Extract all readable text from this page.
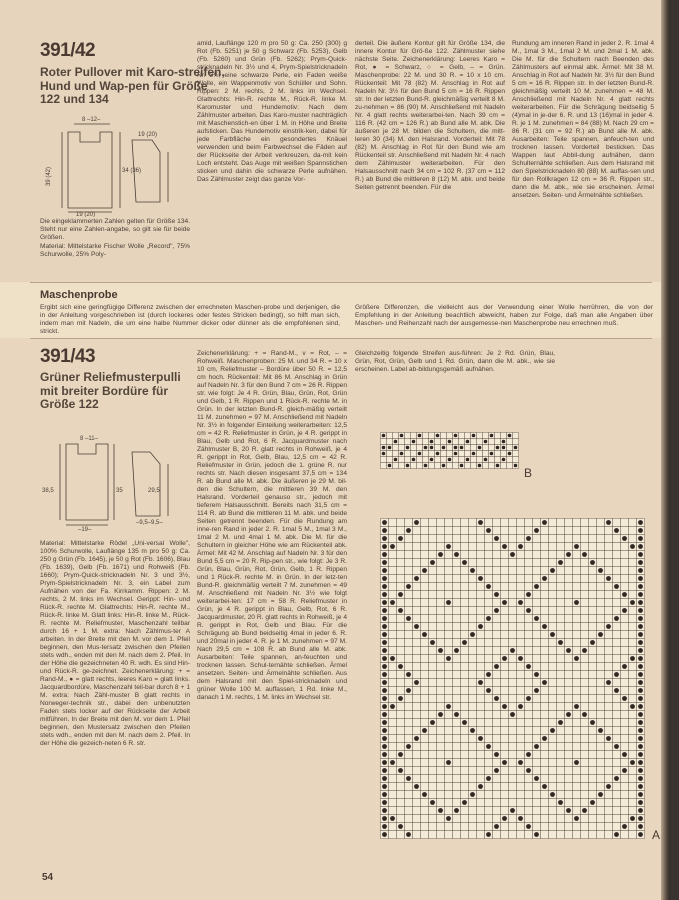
391/42
Roter Pullover mit Karo-streifen, Hund und Wap-pen für Größe 122 und 134
8 –12–
39 (42)	34 (36)
19 (20)
19 (20)
Die eingeklammerten Zahlen gelten für Größe 134. Steht nur eine Zahlen-angabe, so gilt sie für beide Größen.
Material: Mittelstarke Fischer Wolle „Record", 75% Schurwolle, 25% Poly-
amid, Lauflänge 120 m pro 50 g: Ca. 250 (300) g Rot (Fb. 5251) je 50 g Schwarz (Fb. 5253), Gelb (Fb. 5260) und Grün (Fb. 5262); Prym-Quick-stricknadeln Nr. 3½ und 4, Prym-Spielstricknadeln Nr. 3½, eine schwarze Perle, ein Faden weiße Wolle, ein Wappenmotiv von Schüller und Sohn. Rippen: 2 M. rechts, 2 M. links im Wechsel. Glattrechts: Hin-R. rechte M., Rück-R. linke M. Karomuster und Hundemotiv: Nach dem Zählmuster arbeiten. Das Karo-muster nachträglich mit Maschenstich-en über 1 M. in Höhe und Breite aufsticken. Das Hundemotiv einstrik-ken, dabei für jede Farbfläche ein gesondertes Knäuel verwenden und beim Farbwechsel die Fäden auf der Rückseite der Arbeit verkreuzen, da-mit kein Loch entsteht. Das Auge mit weißen Spannstichen sticken und dahin die schwarze Perle aufnähen. Das Zählmuster zeigt das ganze Vor-
derteil. Die äußere Kontur gilt für Größe 134, die innere Kontur für Grö-ße 122. Zählmuster siehe nächste Seite. Zeichenerklärung: Leeres Karo = Rot, ● = Schwarz, ○ = Gelb, – = Grün. Maschenprobe: 22 M. und 30 R. = 10 x 10 cm. Rückenteil: Mit 78 (82) M. Anschlag in Rot auf Nadeln Nr. 3½ für den Bund 5 cm = 16 R. Rippen str. In der letzten Bund-R. gleichmäßig verteilt 8 M. zu-nehmen = 86 (90) M. Anschließend mit Nadeln Nr. 4 glatt rechts weiterarbei-ten. Nach 39 cm = 116 R. (42 cm = 126 R.) ab Bund alle M. abk. Die äußeren je 28 M. bilden die Schultern, die mitt-leren 30 (34) M. den Halsrand. Vorderteil: Mit 78 (82) M. Anschlag in Rot für den Bund wie am Rückenteil str. Anschließend mit Nadeln Nr. 4 nach dem Zählmuster weiterarbeiten. Für den Halsausschnitt nach 34 cm = 102 R. (37 cm = 112 R.) ab Bund die mittleren 8 (12) M. abk. und beide Seiten getrennt beenden. Für die
Rundung am inneren Rand in jeder 2. R. 1mal 4 M., 1mal 3 M., 1mal 2 M. und 2mal 1 M. abk. Die M. für die Schultern nach Beenden des Zählmusters auf einmal abk. Ärmel: Mit 38 M. Anschlag in Rot auf Nadeln Nr. 3½ für den Bund 5 cm = 16 R. Rippen str. In der letzten Bund-R. gleichmäßig verteilt 10 M. zunehmen = 48 M. Anschließend mit Nadeln Nr. 4 glatt rechts weiterarbeiten. Für die Schrägung beidseitig 5 (4)mal in je-der 6. R. und 13 (16)mal in jeder 4. R. je 1 M. zunehmen = 84 (88) M. Nach 29 cm = 86 R. (31 cm = 92 R.) ab Bund alle M. abk. Ausarbeiten: Teile spannen, anfeuch-ten und trocknen lassen. Vorderteil besticken. Das Wappen laut Abbil-dung aufnähen, dann Schulternähte schließen. Aus dem Halsrand mit den Spielstricknadeln 80 (88) M. auffas-sen und für den Rollkragen 12 cm = 36 R. Rippen str., dann die M. abk., wie sie erscheinen. Ärmel ansetzen. Seiten- und Ärmelnähte schließen.
Maschenprobe
Ergibt sich eine geringfügige Differenz zwischen der errechneten Maschen-probe und derjenigen, die in der Anleitung vorgeschrieben ist (durch lockeres oder festes Stricken bedingt), so hilft man sich, indem man mit Nadeln, die um eine halbe Nummer dicker oder dünner als die empfohlenen sind, strickt.
Größere Differenzen, die vielleicht aus der Verwendung einer Wolle herrühren, die von der Empfehlung in der Anleitung beachtlich abweicht, haben zur Folge, daß man alle Angaben über Maschen- und Reihenzahl nach der ausgemesse-nen Maschenprobe neu errechnen muß.
391/43
Grüner Reliefmusterpulli mit breiter Bordüre für Größe 122
8 –11–
38,5	35	29,5
–19–
–9,5–9,5–
Material: Mittelstarke Rödel „Uni-versal Wolle", 100% Schurwolle, Lauflänge 135 m pro 50 g: Ca. 250 g Grün (Fb. 1645), je 50 g Rot (Fb. 1606), Blau (Fb. 1639), Gelb (Fb. 1671) und Rohweiß (Fb. 1660); Prym-Quick-stricknadeln Nr. 3 und 3½, Prym-Spielstricknadeln Nr. 3, ein Label zum Aufnähen von der Fa. Kirrkamm. Rippen: 2 M. rechts, 2 M. links im Wechsel. Gerippt: Hin- und Rück-R. rechte M. Glattrechts: Hin-R. rechte M., Rück-R. linke M. Glatt links: Hin-R. linke M., Rück-R. rechte M. Reliefmuster, Maschenzahl teilbar durch 16 + 1 M. extra: Nach Zählmus-ter A arbeiten. In der Breite mit den M. vor dem 1. Pfeil beginnen, den Mus-tersatz zwischen den Pfeilen stets wdh., enden mit den M. nach dem 2. Pfeil. In der Höhe die gezeichneten 40 R. wdh. Es sind Hin- und Rück-R. ge-zeichnet. Zeichenerklärung: + = Rand-M., ● = glatt rechts, leeres Karo = glatt links. Jacquardbordüre, Maschenzahl teil-bar durch 8 + 1 M. extra: Nach Zähl-muster B glatt rechts in Norweger-technik str., dabei den unbenutzten Faden stets locker auf der Rückseite der Arbeit mitführen. In der Breite mit den M. vor dem 1. Pfeil beginnen, den Mustersatz zwischen den Pfeilen stets wdh., enden mit den M. nach dem 2. Pfeil. In der Höhe die gezeich-neten 6 R. str.
Zeichenerklärung: + = Rand-M., v = Rot, – = Rohweiß. Maschenproben: 25 M. und 34 R. = 10 x 10 cm, Reliefmuster – Bordüre über 50 R. = 12,5 cm hoch. Rückenteil: Mit 86 M. Anschlag in Grün auf Nadeln Nr. 3 für den Bund 7 cm = 26 R. Rippen str. wie folgt: Je 4 R. Grün, Blau, Grün, Rot, Grün und Gelb, 1 R. Rippen und 1 Rück-R. rechte M. in Grün. In der letzten Bund-R. gleich-mäßig verteilt 11 M. zunehmen = 97 M. Anschließend mit Nadeln Nr. 3½ in folgender Einteilung weiterarbeiten: 12,5 cm = 42 R. Reliefmuster in Grün, je 4 R. gerippt in Blau, Gelb und Rot, 6 R. Jacquardmuster nach Zählmuster B, 20 R. glatt rechts in Rohweiß, je 4 R. gerippt in Rot, Gelb, Blau, 12,5 cm = 42 R. Reliefmuster in Grün, jedoch die 1. grüne R. nur rechts str. Nach diesen insgesamt 37,5 cm = 134 R. ab Bund alle M. abk. Die äußeren je 29 M. bil-den die Schultern, die mittleren 39 M. den Halsrand. Vorderteil genauso str., jedoch mit tieferem Halsausschnitt. Bereits nach 31,5 cm = 114 R. ab Bund die mittleren 11 M. abk. und beide Seiten getrennt beenden. Für die Rundung am inne-ren Rand in jeder 2. R. 1mal 5 M., 1mal 3 M., 1mal 2 M. und 4mal 1 M. abk. Die M. für die Schultern in gleicher Höhe wie am Rückenteil abk. Ärmel: Mit 42 M. Anschlag auf Nadeln Nr. 3 für den Bund 5,5 cm = 20 R. Rip-pen str., wie folgt: Je 3 R. Grün, Blau, Grün, Rot, Grün, Gelb, 1 R. Rippen und 1 Rück-R. rechte M. in Grün. In der letz-ten Bund-R. gleichmäßig verteilt 7 M. zunehmen = 49 M. Anschließend mit Nadeln Nr. 3½ wie folgt weiterarbei-ten: 17 cm = 58 R. Reliefmuster in Grün, je 4 R. gerippt in Blau, Gelb, Rot, 6 R. Jacquardmuster, 20 R. glatt rechts in Rohweiß, je 4 R. gerippt in Rot, Gelb und Blau. Für die Schrägung ab Bund beidseitig 4mal in jeder 6. R. und 20mal in jeder 4. R. je 1 M. zunehmen = 97 M. Nach 29,5 cm = 108 R. ab Bund alle M. abk. Ausarbeiten: Teile spannen, an-feuchten und trocknen lassen. Schul-ternähte schließen. Ärmel ansetzen. Seiten- und Ärmelnähte schließen. Aus dem Halsrand mit den Spiel-stricknadeln und grüner Wolle 100 M. auffassen, 1 Rd. linke M., danach 1 M. rechts, 1 M. links im Wechsel str.
Gleichzeitig folgende Streifen aus-führen: Je 2 Rd. Grün, Blau, Grün, Rot, Grün, Gelb und 1 Rd. Grün, dann die M. abk., wie sie erscheinen. Label ab-bildungsgemäß aufnähen.
B
A
54
